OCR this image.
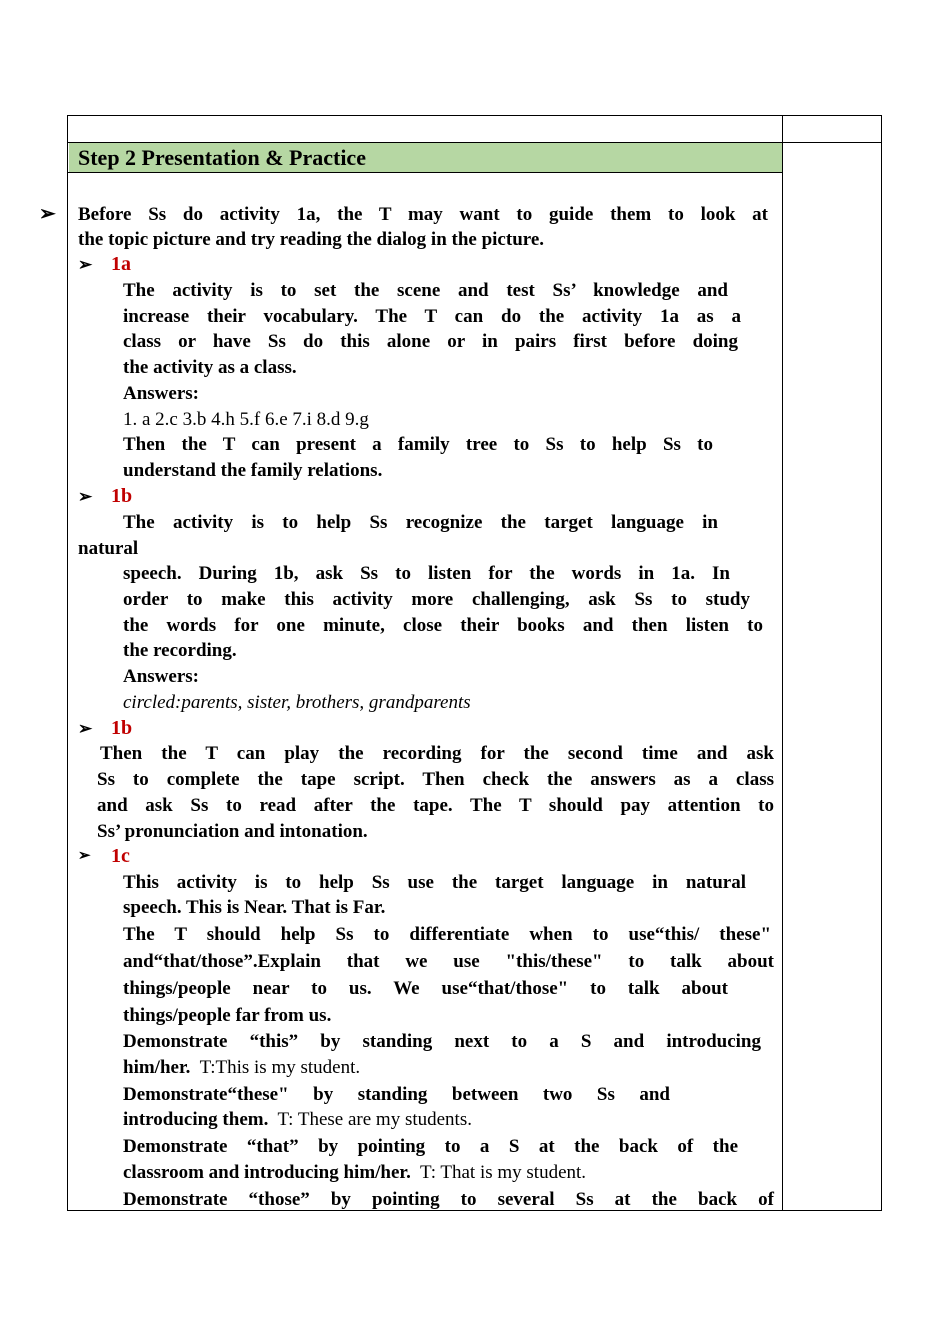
Step 2 Presentation & Practice
➢ Before Ss do activity 1a, the T may want to guide them to look at
the topic picture and try reading the dialog in the picture.
➢ 1a
The activity is to set the scene and test Ss’ knowledge and
increase their vocabulary. The T can do the activity 1a as a
class or have Ss do this alone or in pairs first before doing
the activity as a class.
Answers:
1. a 2.c 3.b 4.h 5.f 6.e 7.i 8.d 9.g
Then the T can present a family tree to Ss to help Ss to
understand the family relations.
➢ 1b
The activity is to help Ss recognize the target language in
natural
speech. During 1b, ask Ss to listen for the words in 1a. In
order to make this activity more challenging, ask Ss to study
the words for one minute, close their books and then listen to
the recording.
Answers:
circled:parents, sister, brothers, grandparents
➢ 1b
Then the T can play the recording for the second time and ask
Ss to complete the tape script. Then check the answers as a class
and ask Ss to read after the tape. The T should pay attention to
Ss’ pronunciation and intonation.
➢ 1c
This activity is to help Ss use the target language in natural
speech. This is Near. That is Far.
The T should help Ss to differentiate when to use“this/ these"
and“that/those”.Explain that we use "this/these" to talk about
things/people near to us. We use“that/those" to talk about
things/people far from us.
Demonstrate “this” by standing next to a S and introducing
him/her. T:This is my student.
Demonstrate“these" by standing between two Ss and
introducing them. T: These are my students.
Demonstrate “that” by pointing to a S at the back of the
classroom and introducing him/her. T: That is my student.
Demonstrate “those” by pointing to several Ss at the back of
